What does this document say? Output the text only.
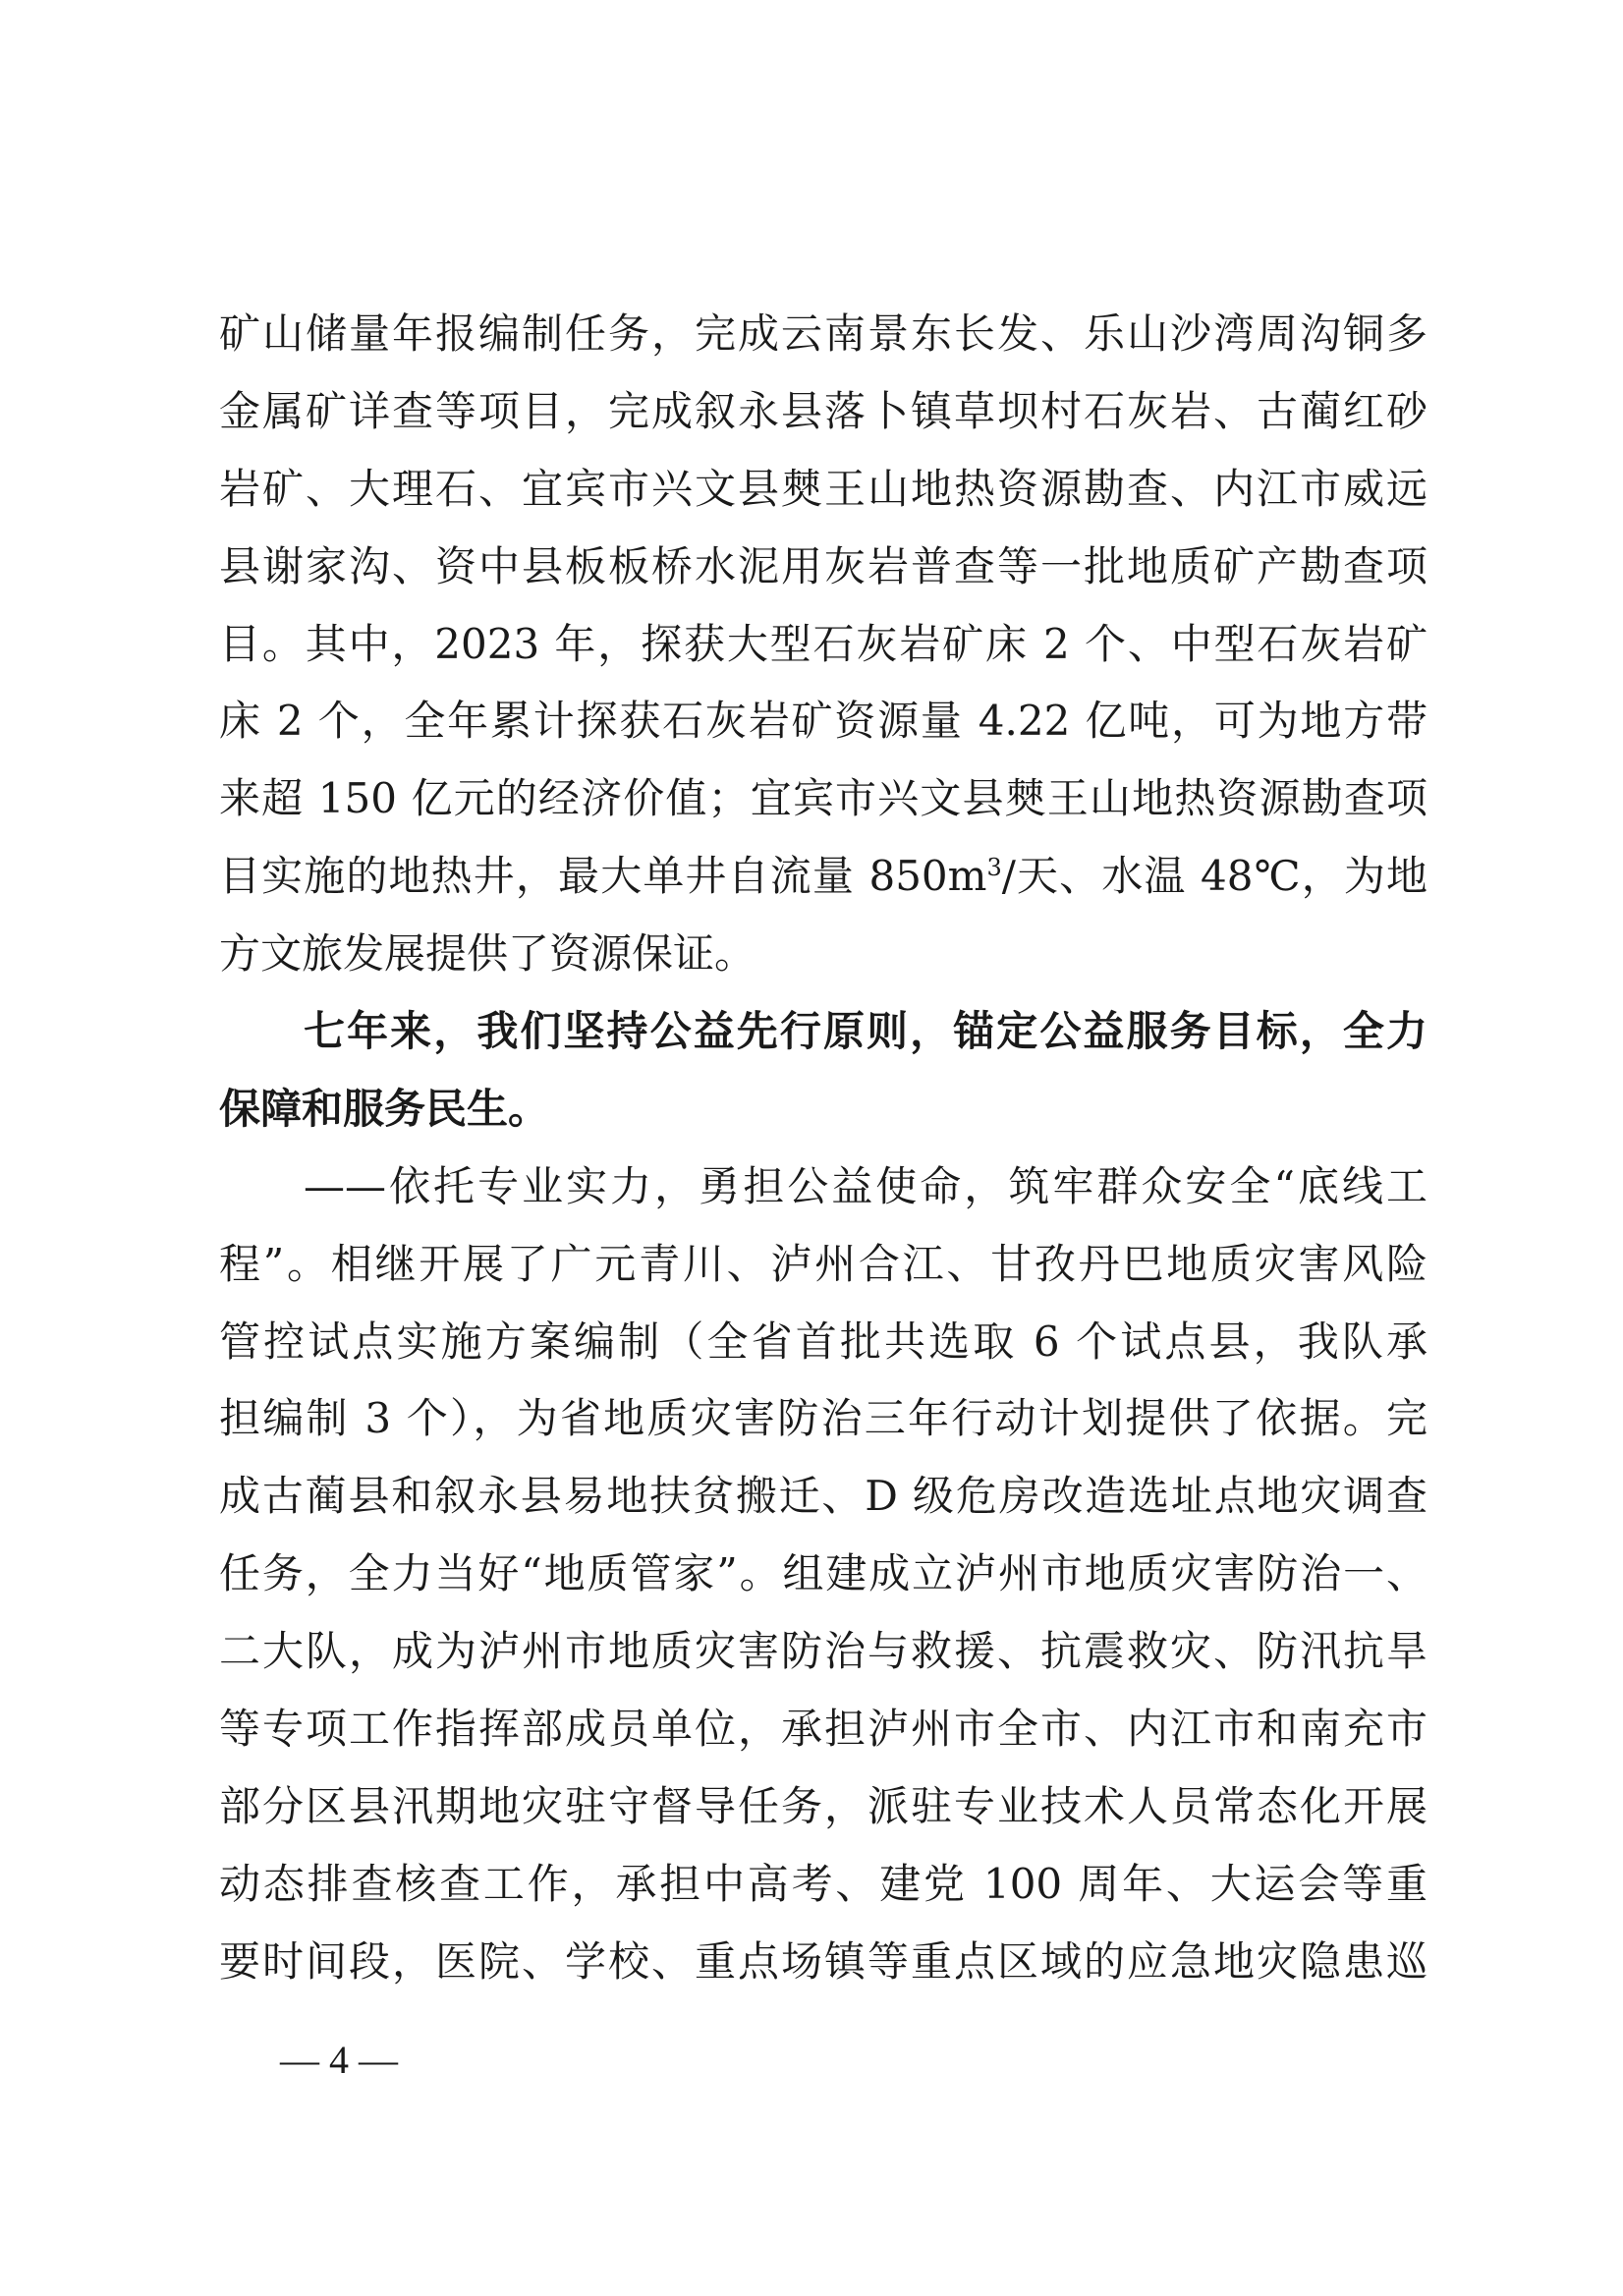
矿山储量年报编制任务，完成云南景东长发、乐山沙湾周沟铜多
金属矿详查等项目，完成叙永县落卜镇草坝村石灰岩、古蔺红砂
岩矿、大理石、宜宾市兴文县僰王山地热资源勘查、内江市威远
县谢家沟、资中县板板桥水泥用灰岩普查等一批地质矿产勘查项
目。其中，2023 年，探获大型石灰岩矿床 2 个、中型石灰岩矿
床 2 个，全年累计探获石灰岩矿资源量 4.22 亿吨，可为地方带
来超 150 亿元的经济价值；宜宾市兴文县僰王山地热资源勘查项
目实施的地热井，最大单井自流量 $850m^3/$天、水温 48℃，为地
方文旅发展提供了资源保证。
七年来，我们坚持公益先行原则，锚定公益服务目标，全力
保障和服务民生。
——依托专业实力，勇担公益使命，筑牢群众安全“底线工
程”。相继开展了广元青川、泸州合江、甘孜丹巴地质灾害风险
管控试点实施方案编制（全省首批共选取 6 个试点县，我队承
担编制 3 个），为省地质灾害防治三年行动计划提供了依据。完
成古蔺县和叙永县易地扶贫搬迁、D 级危房改造选址点地灾调查
任务，全力当好“地质管家”。组建成立泸州市地质灾害防治一、
二大队，成为泸州市地质灾害防治与救援、抗震救灾、防汛抗旱
等专项工作指挥部成员单位，承担泸州市全市、内江市和南充市
部分区县汛期地灾驻守督导任务，派驻专业技术人员常态化开展
动态排查核查工作，承担中高考、建党 100 周年、大运会等重
要时间段，医院、学校、重点场镇等重点区域的应急地灾隐患巡
— 4 —
